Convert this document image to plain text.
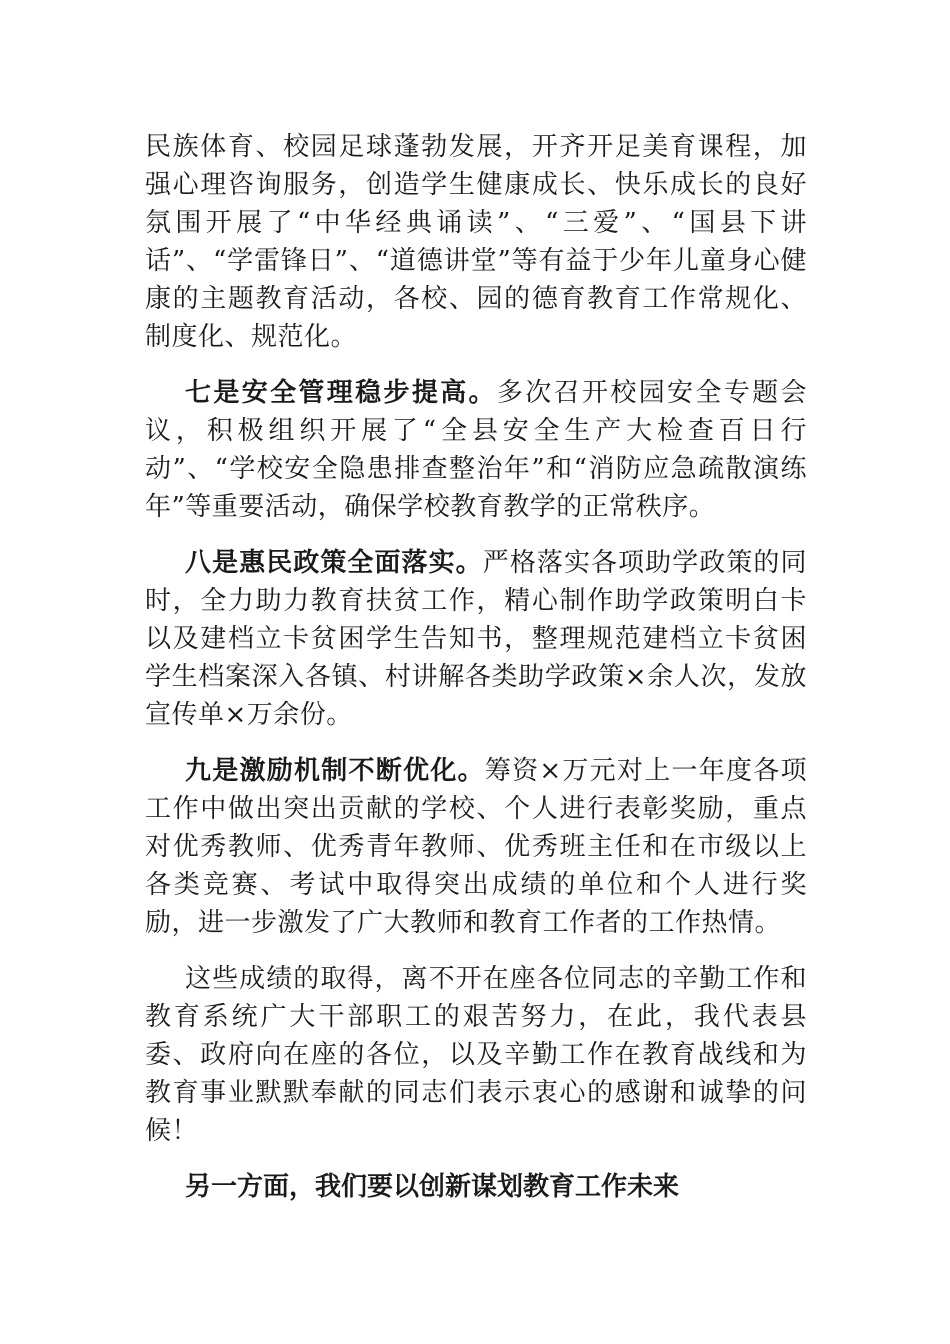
民族体育、校园足球蓬勃发展，开齐开足美育课程，加强心理咨询服务，创造学生健康成长、快乐成长的良好氛围开展了“中华经典诵读”、“三爱”、“国县下讲话”、“学雷锋日”、“道德讲堂”等有益于少年儿童身心健康的主题教育活动，各校、园的德育教育工作常规化、制度化、规范化。

七是安全管理稳步提高。多次召开校园安全专题会议，积极组织开展了“全县安全生产大检查百日行动”、“学校安全隐患排查整治年”和“消防应急疏散演练年”等重要活动，确保学校教育教学的正常秩序。

八是惠民政策全面落实。严格落实各项助学政策的同时，全力助力教育扶贫工作，精心制作助学政策明白卡以及建档立卡贫困学生告知书，整理规范建档立卡贫困学生档案深入各镇、村讲解各类助学政策×余人次，发放宣传单×万余份。

九是激励机制不断优化。筹资×万元对上一年度各项工作中做出突出贡献的学校、个人进行表彰奖励，重点对优秀教师、优秀青年教师、优秀班主任和在市级以上各类竞赛、考试中取得突出成绩的单位和个人进行奖励，进一步激发了广大教师和教育工作者的工作热情。

这些成绩的取得，离不开在座各位同志的辛勤工作和教育系统广大干部职工的艰苦努力，在此，我代表县委、政府向在座的各位，以及辛勤工作在教育战线和为教育事业默默奉献的同志们表示衷心的感谢和诚挚的问候！

另一方面，我们要以创新谋划教育工作未来
